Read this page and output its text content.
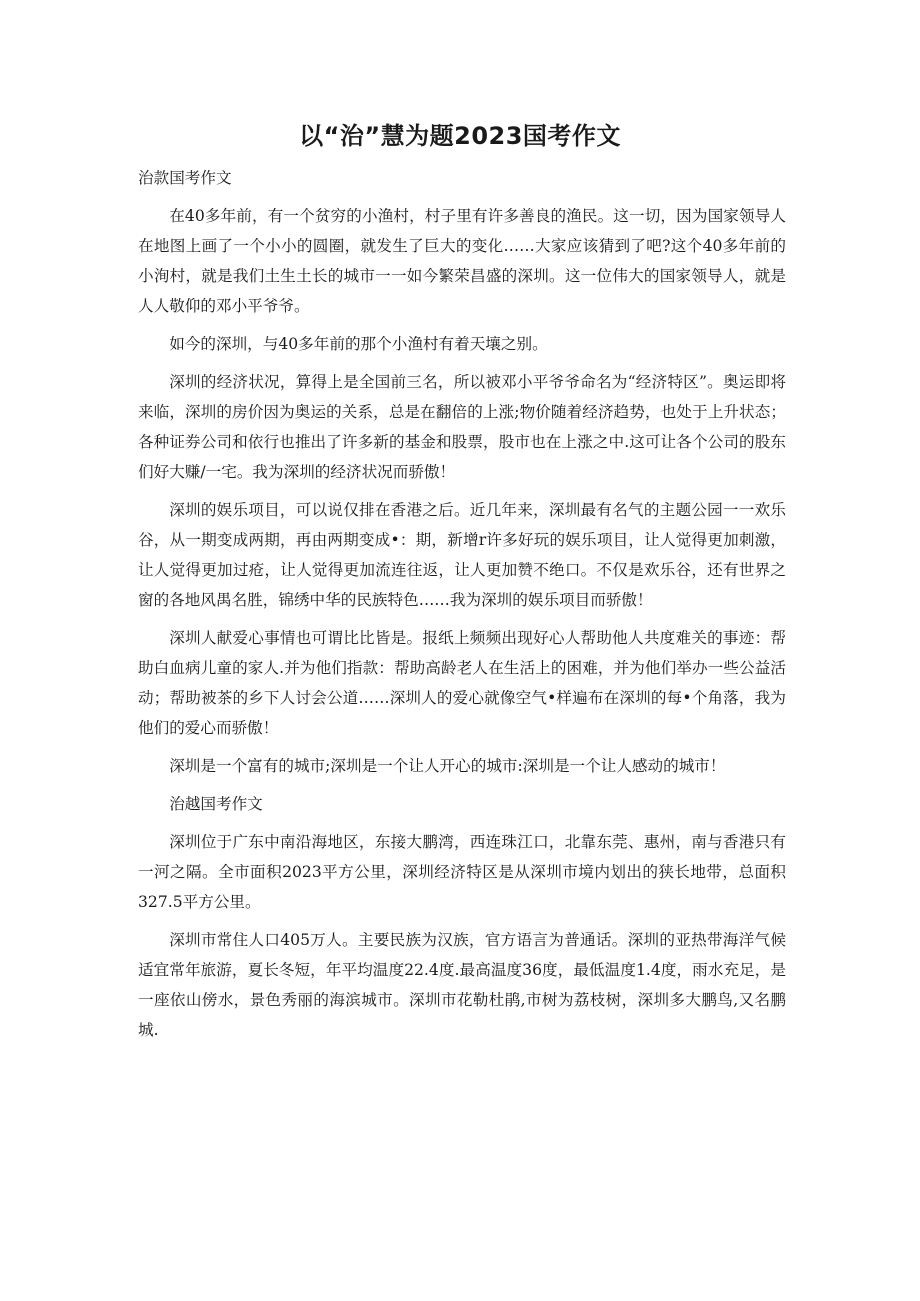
以“治”慧为题2023国考作文

治款国考作文

在40多年前，有一个贫穷的小渔村，村子里有许多善良的渔民。这一切，因为国家领导人在地图上画了一个小小的圆圈，就发生了巨大的变化……大家应该猜到了吧?这个40多年前的小洵村，就是我们土生土长的城市一一如今繁荣昌盛的深圳。这一位伟大的国家领导人，就是人人敬仰的邓小平爷爷。

如今的深圳，与40多年前的那个小渔村有着天壤之别。

深圳的经济状况，算得上是全国前三名，所以被邓小平爷爷命名为“经济特区”。奥运即将来临，深圳的房价因为奥运的关系，总是在翻倍的上涨;物价随着经济趋势，也处于上升状态；各种证券公司和依行也推出了许多新的基金和股票，股市也在上涨之中.这可让各个公司的股东们好大赚/一宅。我为深圳的经济状况而骄傲！

深圳的娱乐项目，可以说仅排在香港之后。近几年来，深圳最有名气的主题公园一一欢乐谷，从一期变成两期，再由两期变成•：期，新增r许多好玩的娱乐项目，让人觉得更加刺激，让人觉得更加过疮，让人觉得更加流连往返，让人更加赞不绝口。不仅是欢乐谷，还有世界之窗的各地风禺名胜，锦绣中华的民族特色……我为深圳的娱乐项目而骄傲！

深圳人献爱心事情也可谓比比皆是。报纸上频频出现好心人帮助他人共度难关的事迹：帮助白血病儿童的家人.并为他们指款：帮助高龄老人在生活上的困难，并为他们举办一些公益活动；帮助被茶的乡下人讨会公道……深圳人的爱心就像空气•样遍布在深圳的每•个角落，我为他们的爱心而骄傲！

深圳是一个富有的城市;深圳是一个让人开心的城市:深圳是一个让人感动的城市！

治越国考作文

深圳位于广东中南沿海地区，东接大鹏湾，西连珠江口，北靠东莞、惠州，南与香港只有一河之隔。全市面积2023平方公里，深圳经济特区是从深圳市境内划出的狭长地带，总面积327.5平方公里。

深圳市常住人口405万人。主要民族为汉族，官方语言为普通话。深圳的亚热带海洋气候适宜常年旅游，夏长冬短，年平均温度22.4度.最高温度36度，最低温度1.4度，雨水充足，是一座依山傍水，景色秀丽的海滨城市。深圳市花勒杜鹃,市树为荔枝树，深圳多大鹏鸟,又名鹏城.
